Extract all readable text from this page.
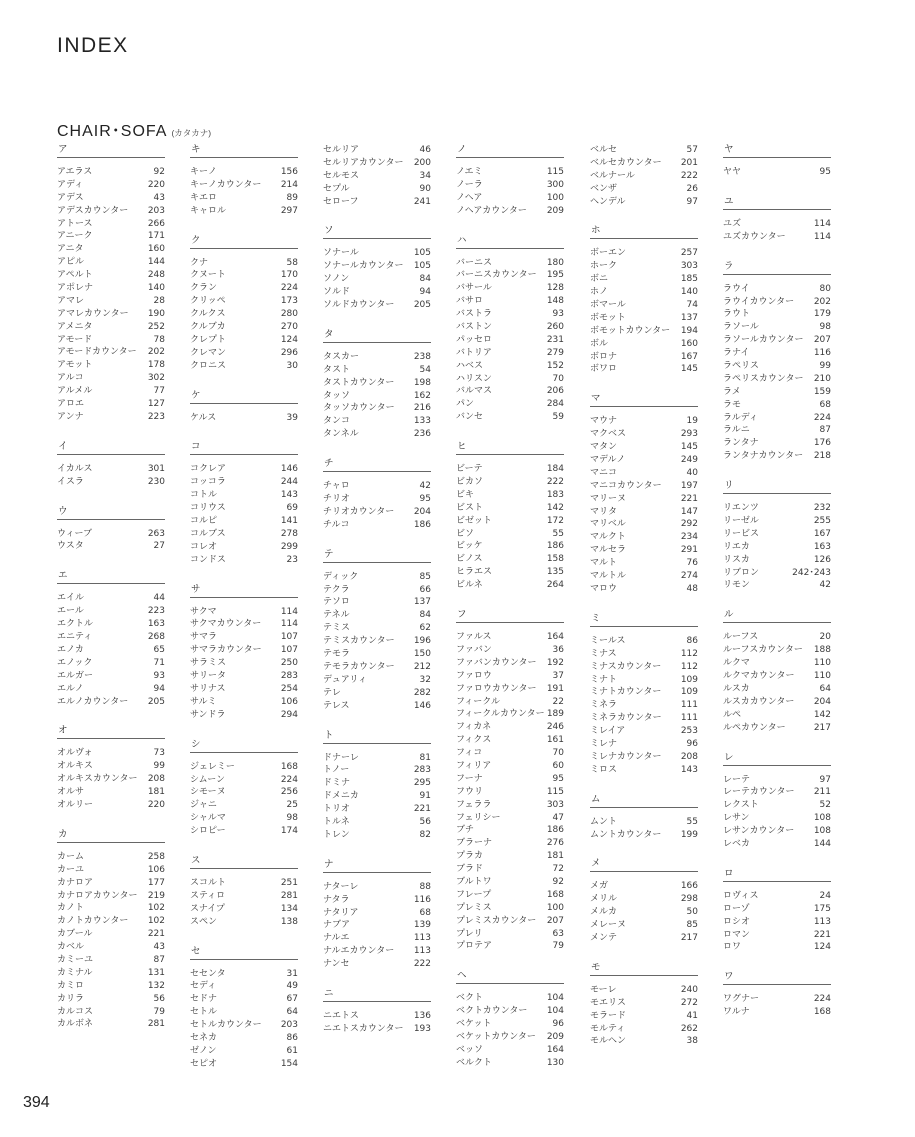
INDEX
CHAIR･SOFA (カタカナ)
ア
アエラス	92
アディ	220
アデス	43
アデスカウンター 203
アトース	266
アニーク	171
アニタ	160
アピル	144
アペルト	248
アポレナ	140
アマレ	28
アマレカウンター 190
アメニタ	252
アモード	78
アモードカウンター 202
アモット	178
アルコ	302
アルメル	77
アロエ	127
アンナ	223
イ
イカルス	301
イスラ	230
ウ
ウィーブ	263
ウスタ	27
エ
エイル	44
エール	223
エクトル	163
エニティ	268
エノカ	65
エノック	71
エルガー	93
エルノ	94
エルノカウンター 205
オ
オルヴォ	73
オルキス	99
オルキスカウンター 208
オルサ	181
オルリー	220
カ
カーム	258
カーユ	106
カナロア	177
カナロアカウンター 219
カノト	102
カノトカウンター 102
カブール	221
カベル	43
カミーユ	87
カミナル	131
カミロ	132
カリラ	56
カルコス	79
カルボネ	281
キ
キーノ	156
キーノカウンター 214
キエロ	89
キャロル	297
ク
クナ	58
クヌート	170
クラン	224
クリッペ	173
クルクス	280
クルブカ	270
クレプト	124
クレマン	296
クロニス	30
ケ
ケルス	39
コ
コクレア	146
コッコラ	244
コトル	143
コリウス	69
コルピ	141
コルブス	278
コレオ	299
コンドス	23
サ
サクマ	114
サクマカウンター 114
サマラ	107
サマラカウンター 107
サラミス	250
サリータ	283
サリナス	254
サルミ	106
サンドラ	294
シ
ジェレミー	168
シムーン	224
シモーヌ	256
ジャニ	25
シャルマ	98
シロピー	174
ス
スコルト	251
スティロ	281
スナイプ	134
スペン	138
セ
セセンタ	31
セディ	49
セドナ	67
セトル	64
セトルカウンター 203
セネカ	86
ゼノン	61
セピオ	154
セルリア	46
セルリアカウンター 200
セルモス	34
セプル	90
セローフ	241
ソ
ソナール	105
ソナールカウンター 105
ソノン	84
ソルド	94
ソルドカウンター 205
タ
タスカー	238
タスト	54
タストカウンター 198
タッソ	162
タッソカウンター 216
タンコ	133
タンネル	236
チ
チャロ	42
チリオ	95
チリオカウンター 204
チルコ	186
テ
ディック	85
テクラ	66
テソロ	137
テネル	84
テミス	62
テミスカウンター 196
テモラ	150
テモラカウンター 212
デュアリィ	32
テレ	282
テレス	146
ト
ドナーレ	81
トノー	283
ドミナ	295
ドメニカ	91
トリオ	221
トルネ	56
トレン	82
ナ
ナターレ	88
ナタラ	116
ナタリア	68
ナブア	139
ナルエ	113
ナルエカウンター 113
ナンセ	222
ニ
ニエトス	136
ニエトスカウンター 193
ノ
ノエミ	115
ノーラ	300
ノヘア	100
ノヘアカウンター 209
ハ
バーニス	180
バーニスカウンター 195
バサール	128
バサロ	148
バストラ	93
バストン	260
パッセロ	231
バトリア	279
ハベス	152
ハリスン	70
バルマス	206
パン	284
バンセ	59
ヒ
ビーテ	184
ビカソ	222
ビキ	183
ビスト	142
ビゼット	172
ビソ	55
ビッケ	186
ビノス	158
ヒラエス	135
ビルネ	264
フ
ファルス	164
ファバン	36
ファバンカウンター 192
ファロウ	37
ファロウカウンター 191
フィークル	22
フィークルカウンター 189
フィカネ	246
フィクス	161
フィコ	70
フィリア	60
フーナ	95
フウリ	115
フェララ	303
フェリシー	47
ブチ	186
ブラーナ	276
プラカ	181
ブラド	72
ブルトワ	92
フレープ	168
プレミス	100
プレミスカウンター 207
プレリ	63
プロテア	79
ヘ
ベクト	104
ベクトカウンター 104
ベケット	96
ベケットカウンター 209
ベッソ	164
ベルクト	130
ベルセ	57
ベルセカウンター 201
ベルナール	222
ベンザ	26
ヘンデル	97
ホ
ボーエン	257
ホーク	303
ボニ	185
ホノ	140
ボマール	74
ボモット	137
ボモットカウンター 194
ボル	160
ボロナ	167
ボワロ	145
マ
マウナ	19
マクベス	293
マタン	145
マデルノ	249
マニコ	40
マニコカウンター 197
マリーヌ	221
マリタ	147
マリベル	292
マルクト	234
マルセラ	291
マルト	76
マルトル	274
マロウ	48
ミ
ミールス	86
ミナス	112
ミナスカウンター 112
ミナト	109
ミナトカウンター 109
ミネラ	111
ミネラカウンター 111
ミレイア	253
ミレナ	96
ミレナカウンター 208
ミロス	143
ム
ムント	55
ムントカウンター 199
メ
メガ	166
メリル	298
メルカ	50
メレーヌ	85
メンテ	217
モ
モーレ	240
モエリス	272
モラード	41
モルティ	262
モルヘン	38
ヤ
ヤヤ	95
ユ
ユズ	114
ユズカウンター	114
ラ
ラウイ	80
ラウイカウンター 202
ラウト	179
ラソール	98
ラソールカウンター 207
ラナイ	116
ラペリス	99
ラペリスカウンター 210
ラメ	159
ラモ	68
ラルディ	224
ラルニ	87
ランタナ	176
ランタナカウンター 218
リ
リエンツ	232
リーゼル	255
リービス	167
リエカ	163
リスカ	126
リブロン	242･243
リモン	42
ル
ルーフス	20
ルーフスカウンター 188
ルクマ	110
ルクマカウンター 110
ルスカ	64
ルスカカウンター 204
ルペ	142
ルペカウンター	217
レ
レーテ	97
レーテカウンター 211
レクスト	52
レサン	108
レサンカウンター 108
レベカ	144
ロ
ロヴィス	24
ローゾ	175
ロシオ	113
ロマン	221
ロワ	124
ワ
ワグナー	224
ワルナ	168
394
